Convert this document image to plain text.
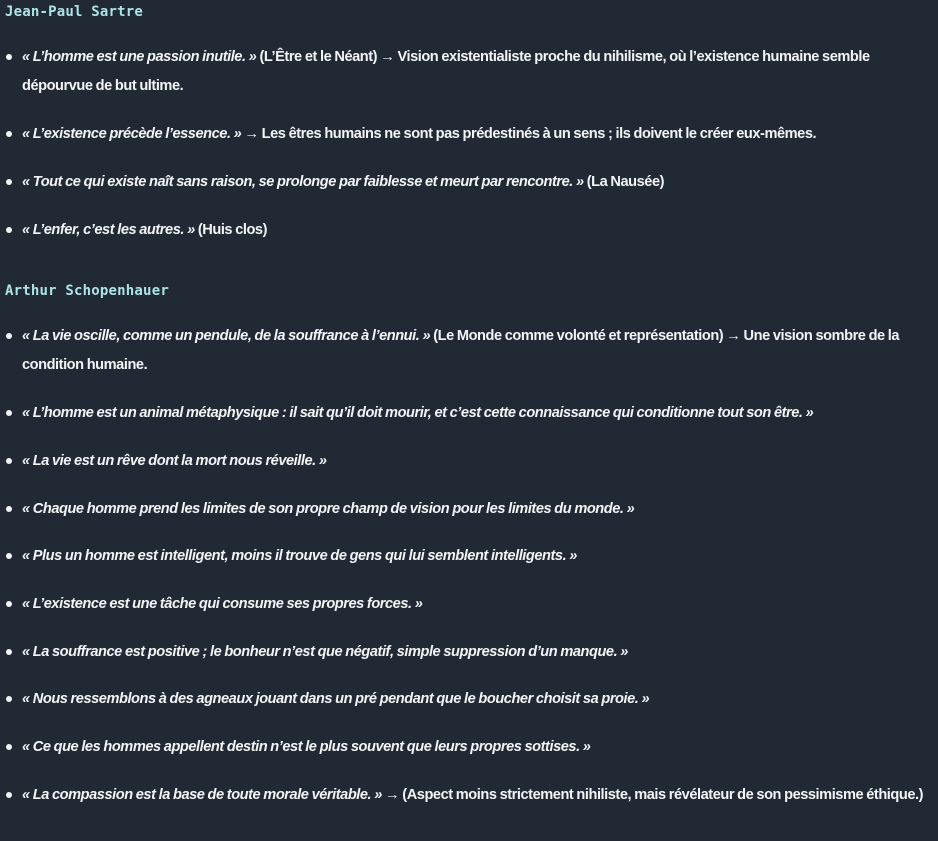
Jean-Paul Sartre
« L’homme est une passion inutile. » (L’Être et le Néant) → Vision existentialiste proche du nihilisme, où l’existence humaine semble dépourvue de but ultime.
« L’existence précède l’essence. » → Les êtres humains ne sont pas prédestinés à un sens ; ils doivent le créer eux-mêmes.
« Tout ce qui existe naît sans raison, se prolonge par faiblesse et meurt par rencontre. » (La Nausée)
« L’enfer, c’est les autres. » (Huis clos)
Arthur Schopenhauer
« La vie oscille, comme un pendule, de la souffrance à l’ennui. » (Le Monde comme volonté et représentation) → Une vision sombre de la condition humaine.
« L’homme est un animal métaphysique : il sait qu’il doit mourir, et c’est cette connaissance qui conditionne tout son être. »
« La vie est un rêve dont la mort nous réveille. »
« Chaque homme prend les limites de son propre champ de vision pour les limites du monde. »
« Plus un homme est intelligent, moins il trouve de gens qui lui semblent intelligents. »
« L’existence est une tâche qui consume ses propres forces. »
« La souffrance est positive ; le bonheur n’est que négatif, simple suppression d’un manque. »
« Nous ressemblons à des agneaux jouant dans un pré pendant que le boucher choisit sa proie. »
« Ce que les hommes appellent destin n’est le plus souvent que leurs propres sottises. »
« La compassion est la base de toute morale véritable. » → (Aspect moins strictement nihiliste, mais révélateur de son pessimisme éthique.)
